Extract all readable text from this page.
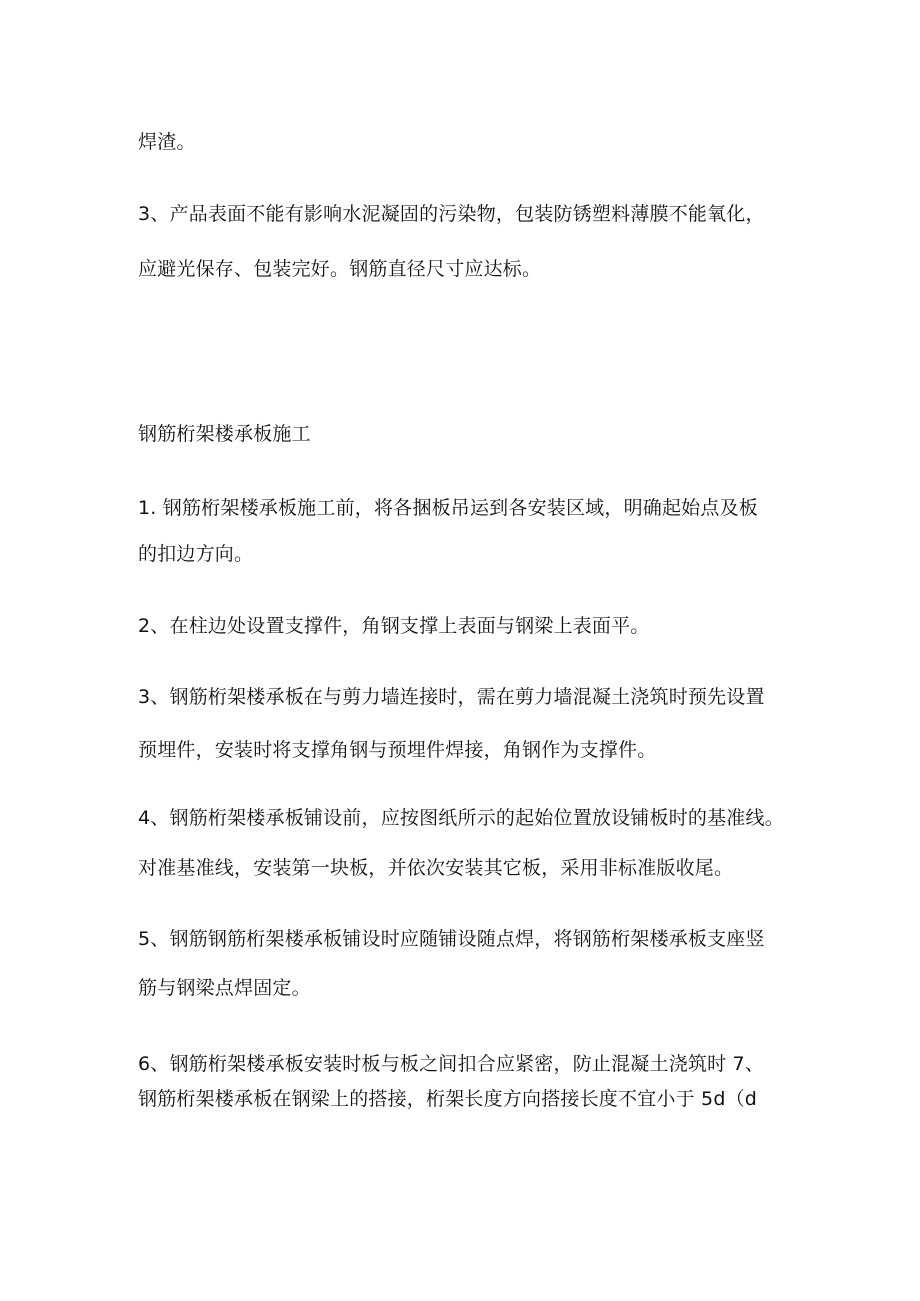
焊渣。
3、产品表面不能有影响水泥凝固的污染物，包装防锈塑料薄膜不能氧化，
应避光保存、包装完好。钢筋直径尺寸应达标。
钢筋桁架楼承板施工
1. 钢筋桁架楼承板施工前，将各捆板吊运到各安装区域，明确起始点及板
的扣边方向。
2、在柱边处设置支撑件，角钢支撑上表面与钢梁上表面平。
3、钢筋桁架楼承板在与剪力墙连接时，需在剪力墙混凝土浇筑时预先设置
预埋件，安装时将支撑角钢与预埋件焊接，角钢作为支撑件。
4、钢筋桁架楼承板铺设前，应按图纸所示的起始位置放设铺板时的基准线。
对准基准线，安装第一块板，并依次安装其它板，采用非标准版收尾。
5、钢筋钢筋桁架楼承板铺设时应随铺设随点焊，将钢筋桁架楼承板支座竖
筋与钢梁点焊固定。
6、钢筋桁架楼承板安装时板与板之间扣合应紧密，防止混凝土浇筑时 7、
钢筋桁架楼承板在钢梁上的搭接，桁架长度方向搭接长度不宜小于 5d（d
